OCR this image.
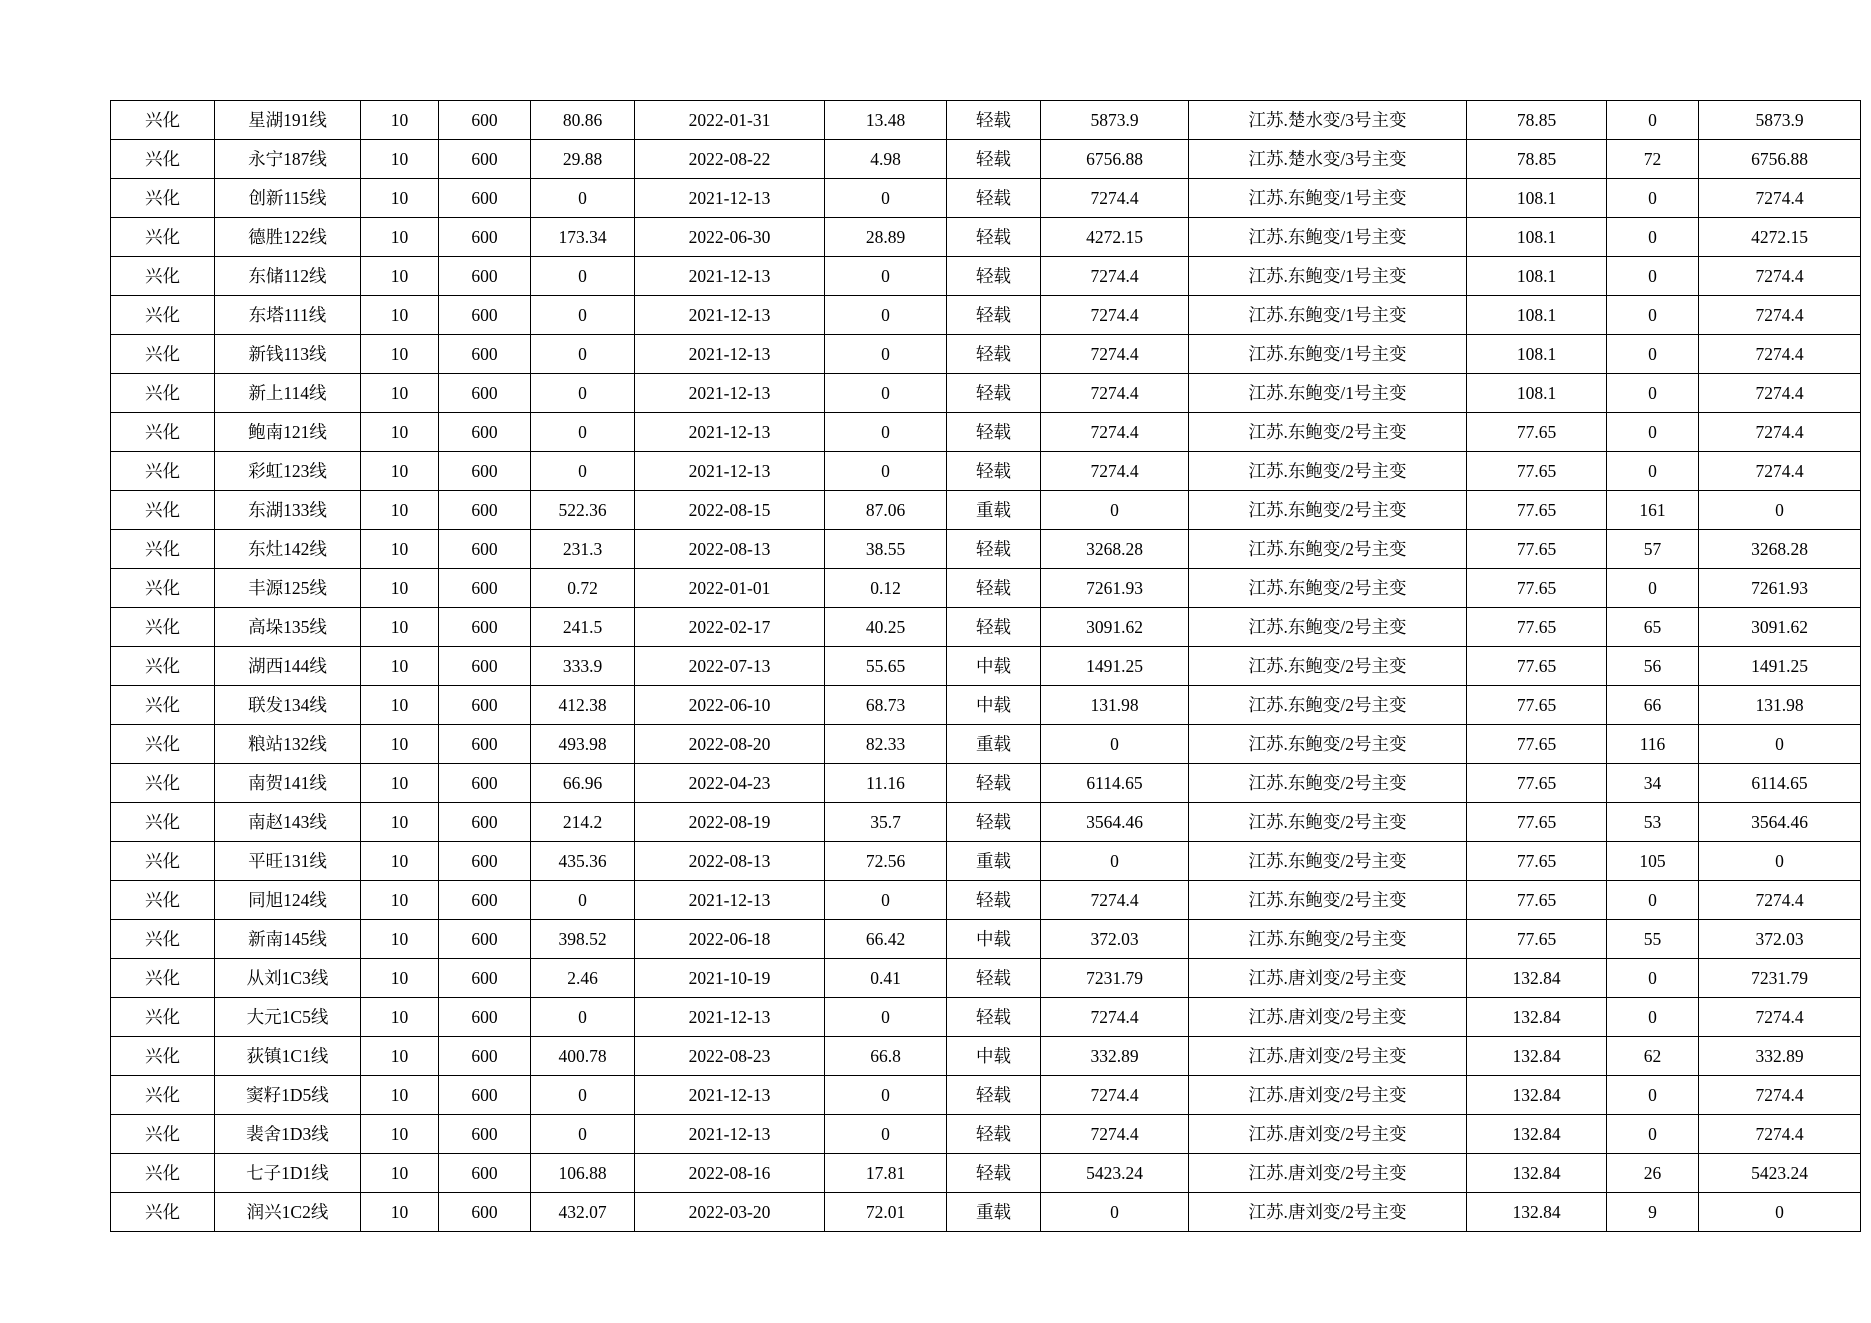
兴化	星湖191线	10	600	80.86	2022-01-31	13.48	轻载	5873.9	江苏.楚水变/3号主变	78.85	0	5873.9
兴化	永宁187线	10	600	29.88	2022-08-22	4.98	轻载	6756.88	江苏.楚水变/3号主变	78.85	72	6756.88
兴化	创新115线	10	600	0	2021-12-13	0	轻载	7274.4	江苏.东鲍变/1号主变	108.1	0	7274.4
兴化	德胜122线	10	600	173.34	2022-06-30	28.89	轻载	4272.15	江苏.东鲍变/1号主变	108.1	0	4272.15
兴化	东储112线	10	600	0	2021-12-13	0	轻载	7274.4	江苏.东鲍变/1号主变	108.1	0	7274.4
兴化	东塔111线	10	600	0	2021-12-13	0	轻载	7274.4	江苏.东鲍变/1号主变	108.1	0	7274.4
兴化	新钱113线	10	600	0	2021-12-13	0	轻载	7274.4	江苏.东鲍变/1号主变	108.1	0	7274.4
兴化	新上114线	10	600	0	2021-12-13	0	轻载	7274.4	江苏.东鲍变/1号主变	108.1	0	7274.4
兴化	鲍南121线	10	600	0	2021-12-13	0	轻载	7274.4	江苏.东鲍变/2号主变	77.65	0	7274.4
兴化	彩虹123线	10	600	0	2021-12-13	0	轻载	7274.4	江苏.东鲍变/2号主变	77.65	0	7274.4
兴化	东湖133线	10	600	522.36	2022-08-15	87.06	重载	0	江苏.东鲍变/2号主变	77.65	161	0
兴化	东灶142线	10	600	231.3	2022-08-13	38.55	轻载	3268.28	江苏.东鲍变/2号主变	77.65	57	3268.28
兴化	丰源125线	10	600	0.72	2022-01-01	0.12	轻载	7261.93	江苏.东鲍变/2号主变	77.65	0	7261.93
兴化	高垛135线	10	600	241.5	2022-02-17	40.25	轻载	3091.62	江苏.东鲍变/2号主变	77.65	65	3091.62
兴化	湖西144线	10	600	333.9	2022-07-13	55.65	中载	1491.25	江苏.东鲍变/2号主变	77.65	56	1491.25
兴化	联发134线	10	600	412.38	2022-06-10	68.73	中载	131.98	江苏.东鲍变/2号主变	77.65	66	131.98
兴化	粮站132线	10	600	493.98	2022-08-20	82.33	重载	0	江苏.东鲍变/2号主变	77.65	116	0
兴化	南贺141线	10	600	66.96	2022-04-23	11.16	轻载	6114.65	江苏.东鲍变/2号主变	77.65	34	6114.65
兴化	南赵143线	10	600	214.2	2022-08-19	35.7	轻载	3564.46	江苏.东鲍变/2号主变	77.65	53	3564.46
兴化	平旺131线	10	600	435.36	2022-08-13	72.56	重载	0	江苏.东鲍变/2号主变	77.65	105	0
兴化	同旭124线	10	600	0	2021-12-13	0	轻载	7274.4	江苏.东鲍变/2号主变	77.65	0	7274.4
兴化	新南145线	10	600	398.52	2022-06-18	66.42	中载	372.03	江苏.东鲍变/2号主变	77.65	55	372.03
兴化	从刘1C3线	10	600	2.46	2021-10-19	0.41	轻载	7231.79	江苏.唐刘变/2号主变	132.84	0	7231.79
兴化	大元1C5线	10	600	0	2021-12-13	0	轻载	7274.4	江苏.唐刘变/2号主变	132.84	0	7274.4
兴化	荻镇1C1线	10	600	400.78	2022-08-23	66.8	中载	332.89	江苏.唐刘变/2号主变	132.84	62	332.89
兴化	窦籽1D5线	10	600	0	2021-12-13	0	轻载	7274.4	江苏.唐刘变/2号主变	132.84	0	7274.4
兴化	裴舍1D3线	10	600	0	2021-12-13	0	轻载	7274.4	江苏.唐刘变/2号主变	132.84	0	7274.4
兴化	七子1D1线	10	600	106.88	2022-08-16	17.81	轻载	5423.24	江苏.唐刘变/2号主变	132.84	26	5423.24
兴化	润兴1C2线	10	600	432.07	2022-03-20	72.01	重载	0	江苏.唐刘变/2号主变	132.84	9	0
